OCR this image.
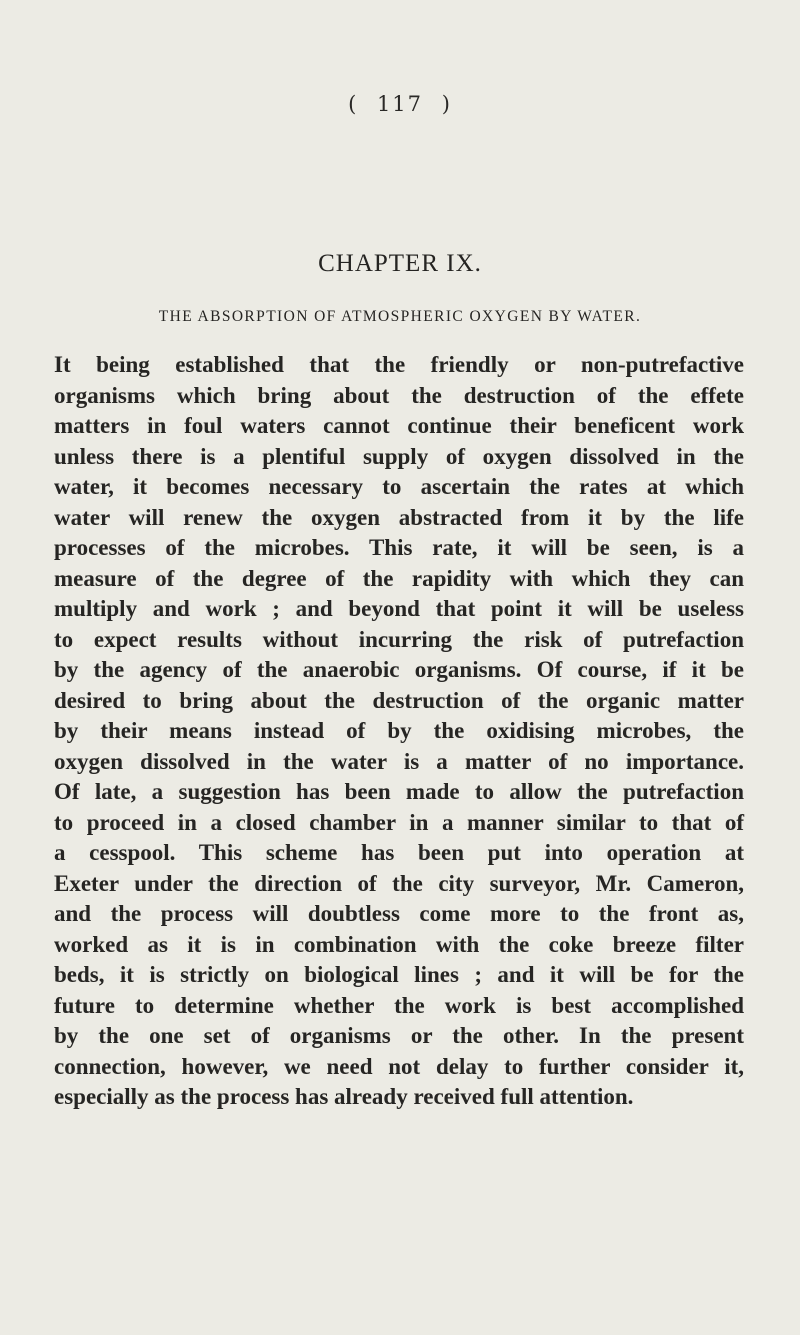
( 117 )
CHAPTER IX.
THE ABSORPTION OF ATMOSPHERIC OXYGEN BY WATER.
It being established that the friendly or non-putrefactive
organisms which bring about the destruction of the effete
matters in foul waters cannot continue their beneficent work
unless there is a plentiful supply of oxygen dissolved in the
water, it becomes necessary to ascertain the rates at which
water will renew the oxygen abstracted from it by the life
processes of the microbes. This rate, it will be seen, is a
measure of the degree of the rapidity with which they can
multiply and work ; and beyond that point it will be useless
to expect results without incurring the risk of putrefaction
by the agency of the anaerobic organisms. Of course, if it be
desired to bring about the destruction of the organic matter
by their means instead of by the oxidising microbes, the
oxygen dissolved in the water is a matter of no importance.
Of late, a suggestion has been made to allow the putrefaction
to proceed in a closed chamber in a manner similar to that of
a cesspool. This scheme has been put into operation at
Exeter under the direction of the city surveyor, Mr. Cameron,
and the process will doubtless come more to the front as,
worked as it is in combination with the coke breeze filter
beds, it is strictly on biological lines ; and it will be for the
future to determine whether the work is best accomplished
by the one set of organisms or the other. In the present
connection, however, we need not delay to further consider it,
especially as the process has already received full attention.
